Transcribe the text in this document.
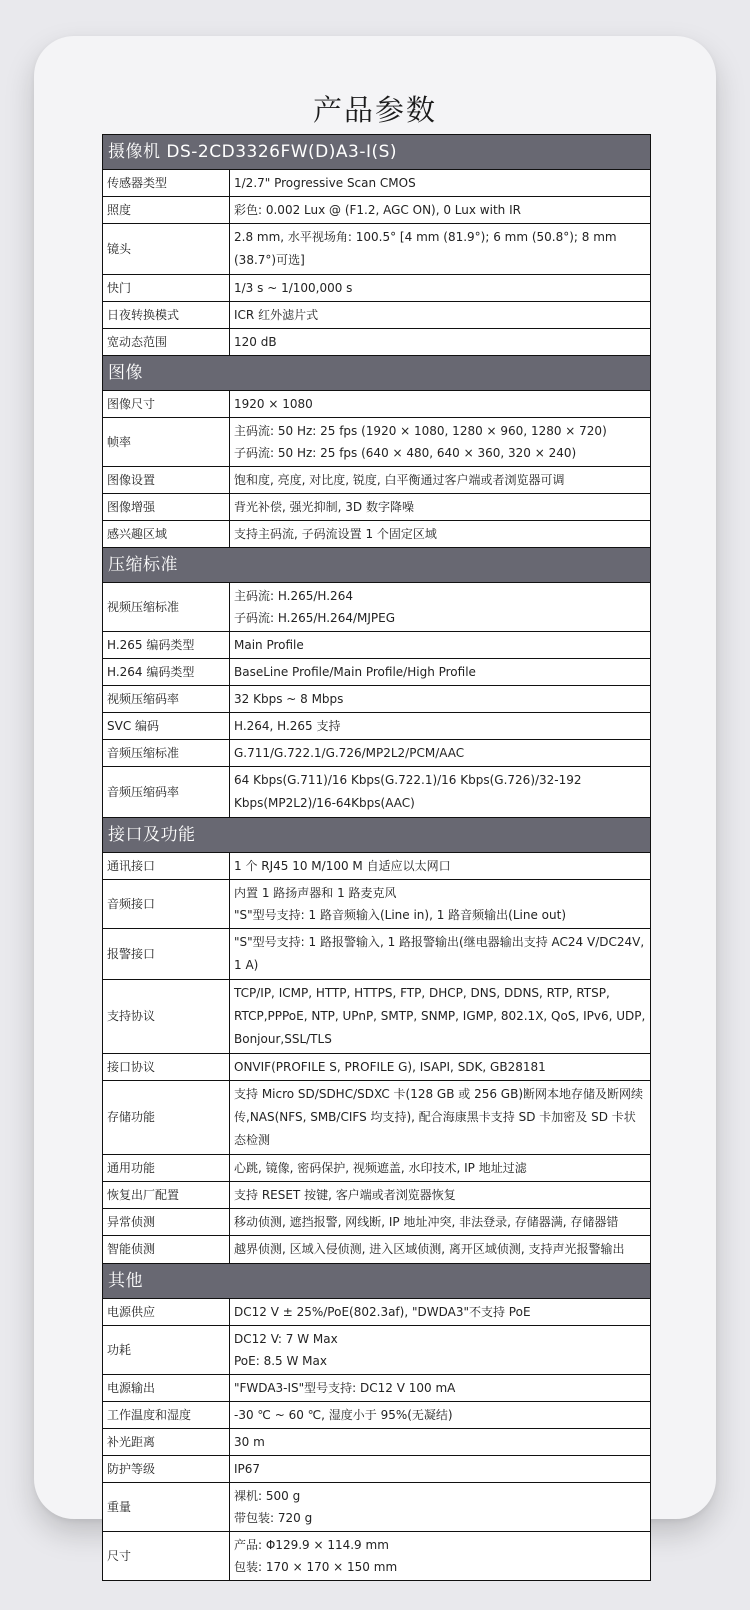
产品参数
摄像机 DS-2CD3326FW(D)A3-I(S)	
传感器类型	1/2.7" Progressive Scan CMOS

照度	彩色: 0.002 Lux @ (F1.2, AGC ON), 0 Lux with IR

镜头	2.8 mm, 水平视场角: 100.5° [4 mm (81.9°); 6 mm (50.8°); 8 mm (38.7°)可选]

快门	1/3 s ~ 1/100,000 s

日夜转换模式	ICR 红外滤片式

宽动态范围	120 dB

图像	
图像尺寸	1920 × 1080

帧率	主码流: 50 Hz: 25 fps (1920 × 1080, 1280 × 960, 1280 × 720)
子码流: 50 Hz: 25 fps (640 × 480, 640 × 360, 320 × 240)

图像设置	饱和度, 亮度, 对比度, 锐度, 白平衡通过客户端或者浏览器可调

图像增强	背光补偿, 强光抑制, 3D 数字降噪

感兴趣区域	支持主码流, 子码流设置 1 个固定区域

压缩标准	
视频压缩标准	主码流: H.265/H.264
子码流: H.265/H.264/MJPEG

H.265 编码类型	Main Profile

H.264 编码类型	BaseLine Profile/Main Profile/High Profile

视频压缩码率	32 Kbps ~ 8 Mbps

SVC 编码	H.264, H.265 支持

音频压缩标准	G.711/G.722.1/G.726/MP2L2/PCM/AAC

音频压缩码率	64 Kbps(G.711)/16 Kbps(G.722.1)/16 Kbps(G.726)/32-192 Kbps(MP2L2)/16-64Kbps(AAC)

接口及功能	
通讯接口	1 个 RJ45 10 M/100 M 自适应以太网口

音频接口	内置 1 路扬声器和 1 路麦克风
"S"型号支持: 1 路音频输入(Line in), 1 路音频输出(Line out)

报警接口	"S"型号支持: 1 路报警输入, 1 路报警输出(继电器输出支持 AC24 V/DC24V, 1 A)

支持协议	TCP/IP, ICMP, HTTP, HTTPS, FTP, DHCP, DNS, DDNS, RTP, RTSP, RTCP,PPPoE, NTP, UPnP, SMTP, SNMP, IGMP, 802.1X, QoS, IPv6, UDP, Bonjour,SSL/TLS

接口协议	ONVIF(PROFILE S, PROFILE G), ISAPI, SDK, GB28181

存储功能	支持 Micro SD/SDHC/SDXC 卡(128 GB 或 256 GB)断网本地存储及断网续传,NAS(NFS, SMB/CIFS 均支持), 配合海康黑卡支持 SD 卡加密及 SD 卡状态检测

通用功能	心跳, 镜像, 密码保护, 视频遮盖, 水印技术, IP 地址过滤

恢复出厂配置	支持 RESET 按键, 客户端或者浏览器恢复

异常侦测	移动侦测, 遮挡报警, 网线断, IP 地址冲突, 非法登录, 存储器满, 存储器错

智能侦测	越界侦测, 区域入侵侦测, 进入区域侦测, 离开区域侦测, 支持声光报警输出

其他	
电源供应	DC12 V ± 25%/PoE(802.3af), "DWDA3"不支持 PoE

功耗	DC12 V: 7 W Max
PoE: 8.5 W Max

电源输出	"FWDA3-IS"型号支持: DC12 V 100 mA

工作温度和湿度	-30 ℃ ~ 60 ℃, 湿度小于 95%(无凝结)

补光距离	30 m

防护等级	IP67

重量	裸机: 500 g
带包装: 720 g

尺寸	产品: Φ129.9 × 114.9 mm
包装: 170 × 170 × 150 mm
